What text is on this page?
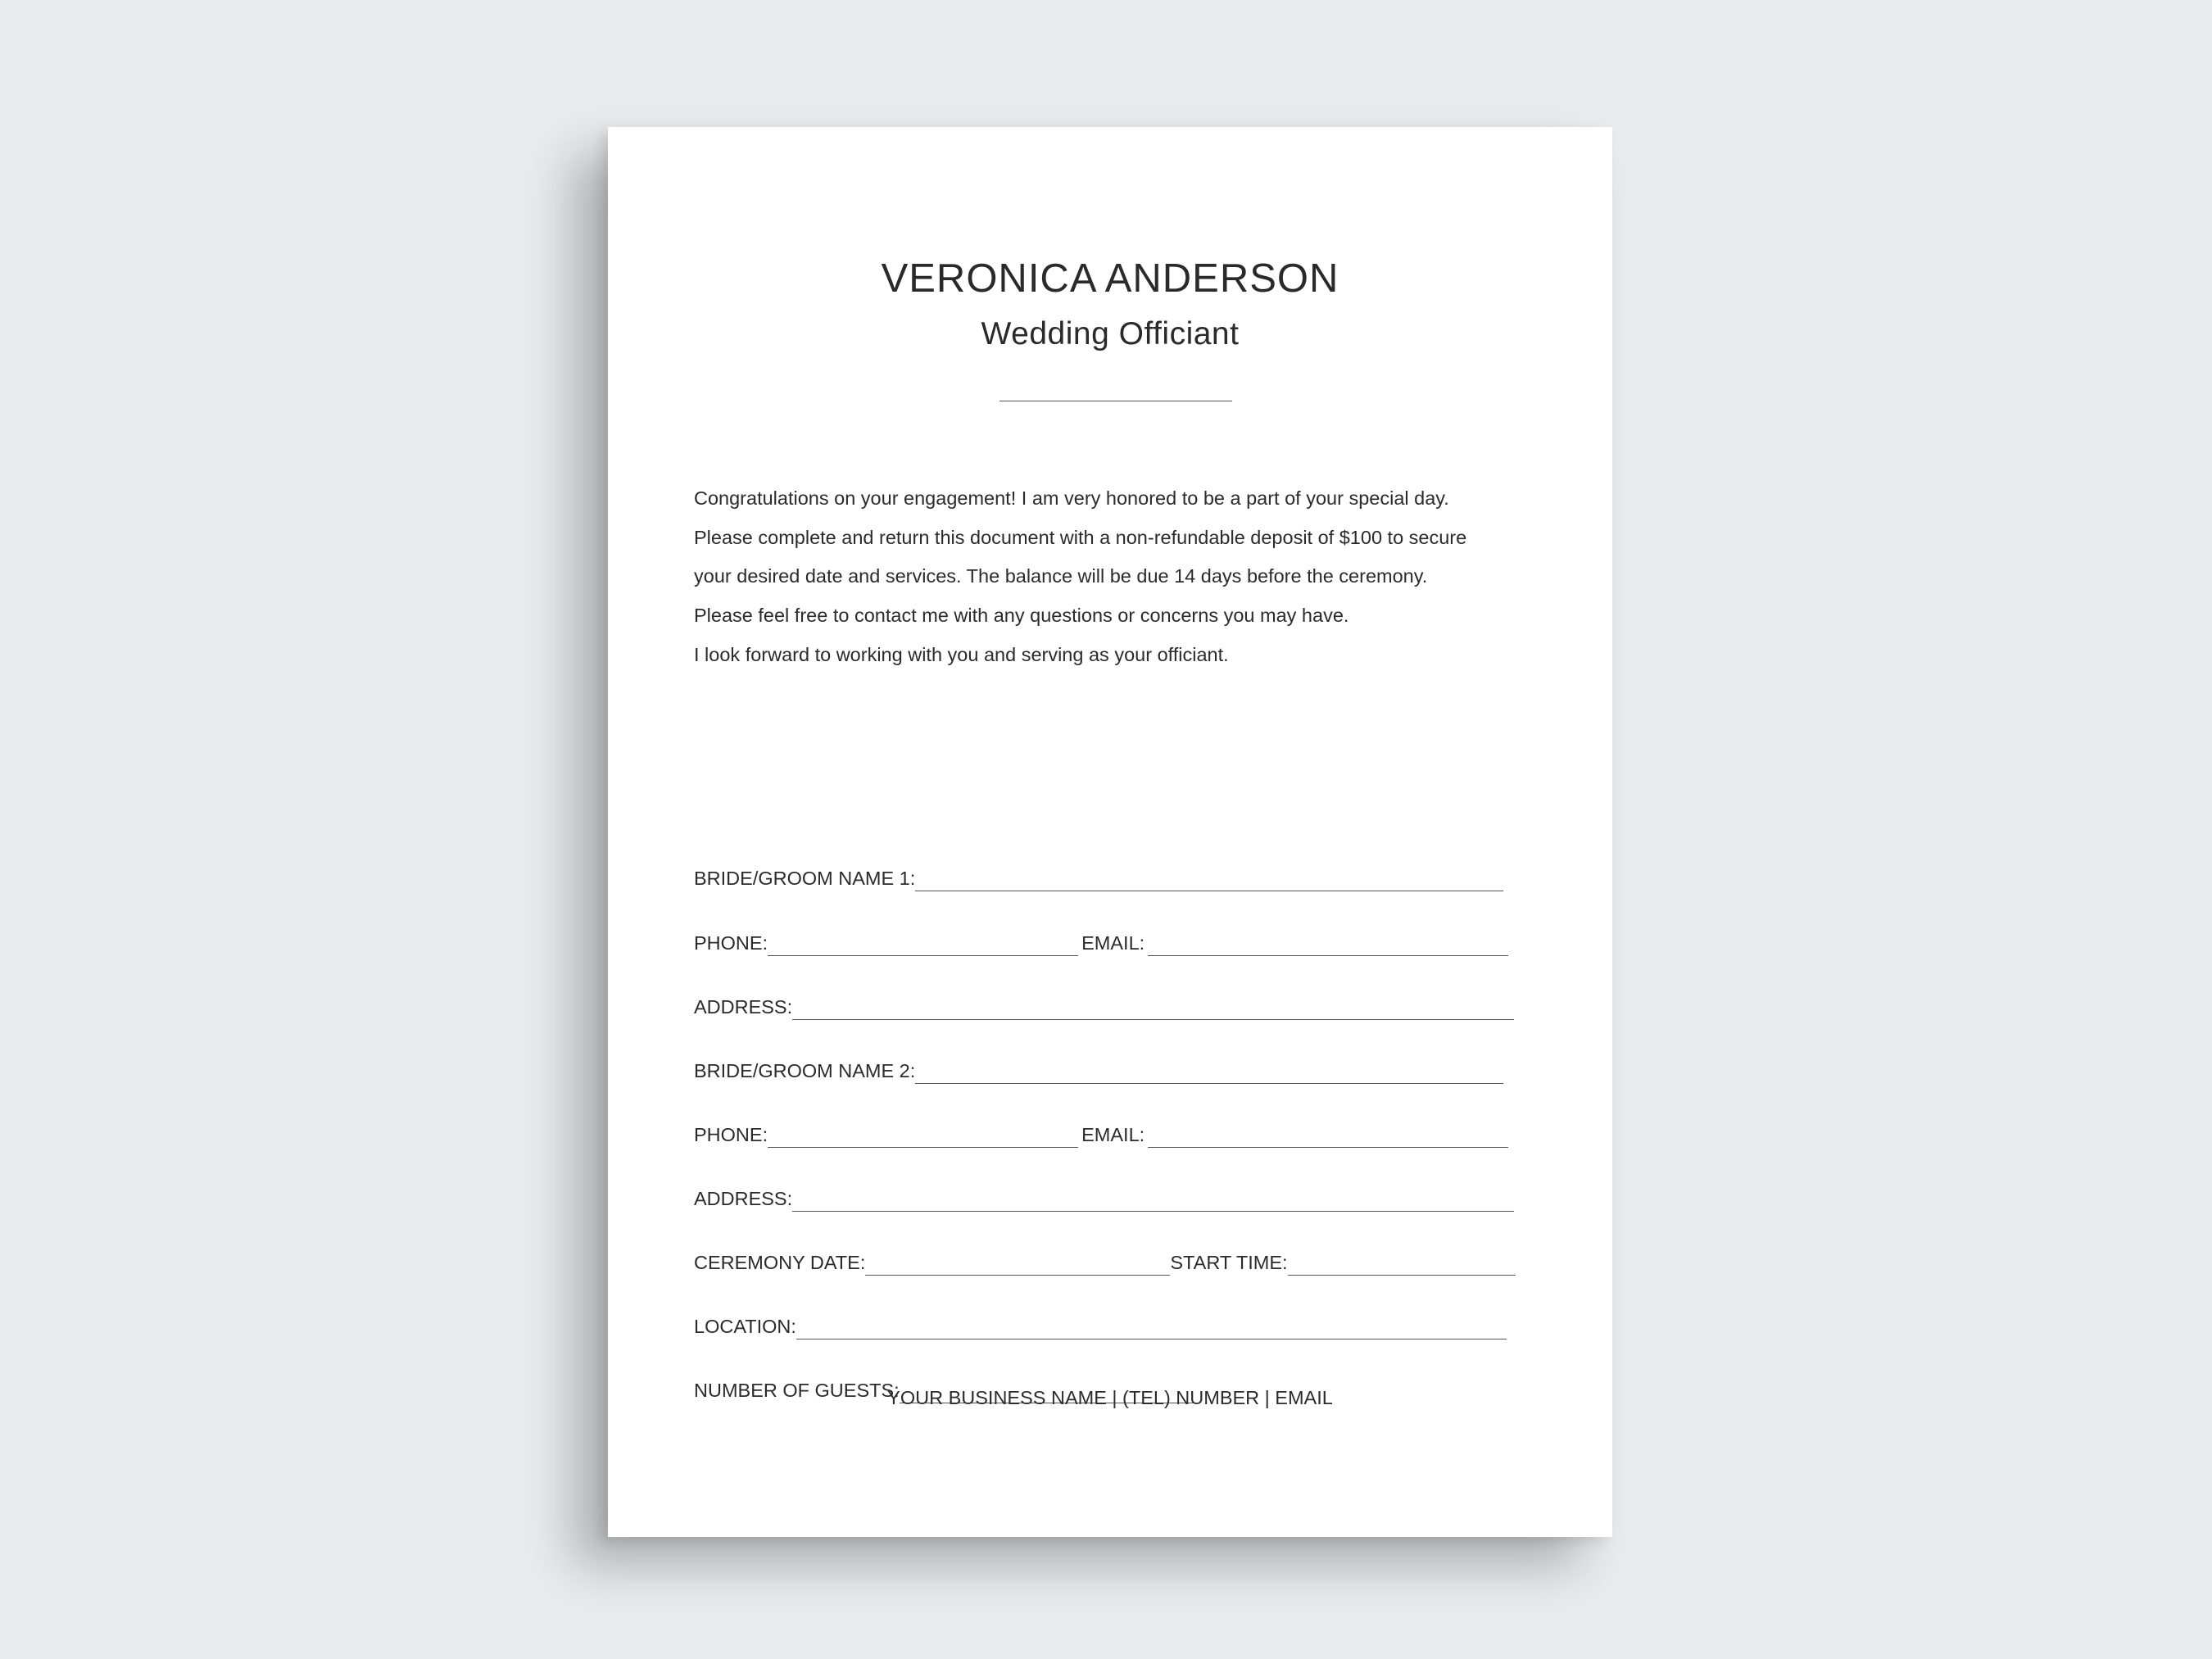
VERONICA ANDERSON
Wedding Officiant

Congratulations on your engagement! I am very honored to be a part of your special day.

Please complete and return this document with a non-refundable deposit of $100 to secure

your desired date and services. The balance will be due 14 days before the ceremony.

Please feel free to contact me with any questions or concerns you may have.

I look forward to working with you and serving as your officiant.

BRIDE/GROOM NAME 1:
PHONE:	EMAIL:
ADDRESS:
BRIDE/GROOM NAME 2:
PHONE:	EMAIL:
ADDRESS:
CEREMONY DATE:	START TIME:
LOCATION:
NUMBER OF GUESTS:
YOUR BUSINESS NAME | (TEL) NUMBER | EMAIL
